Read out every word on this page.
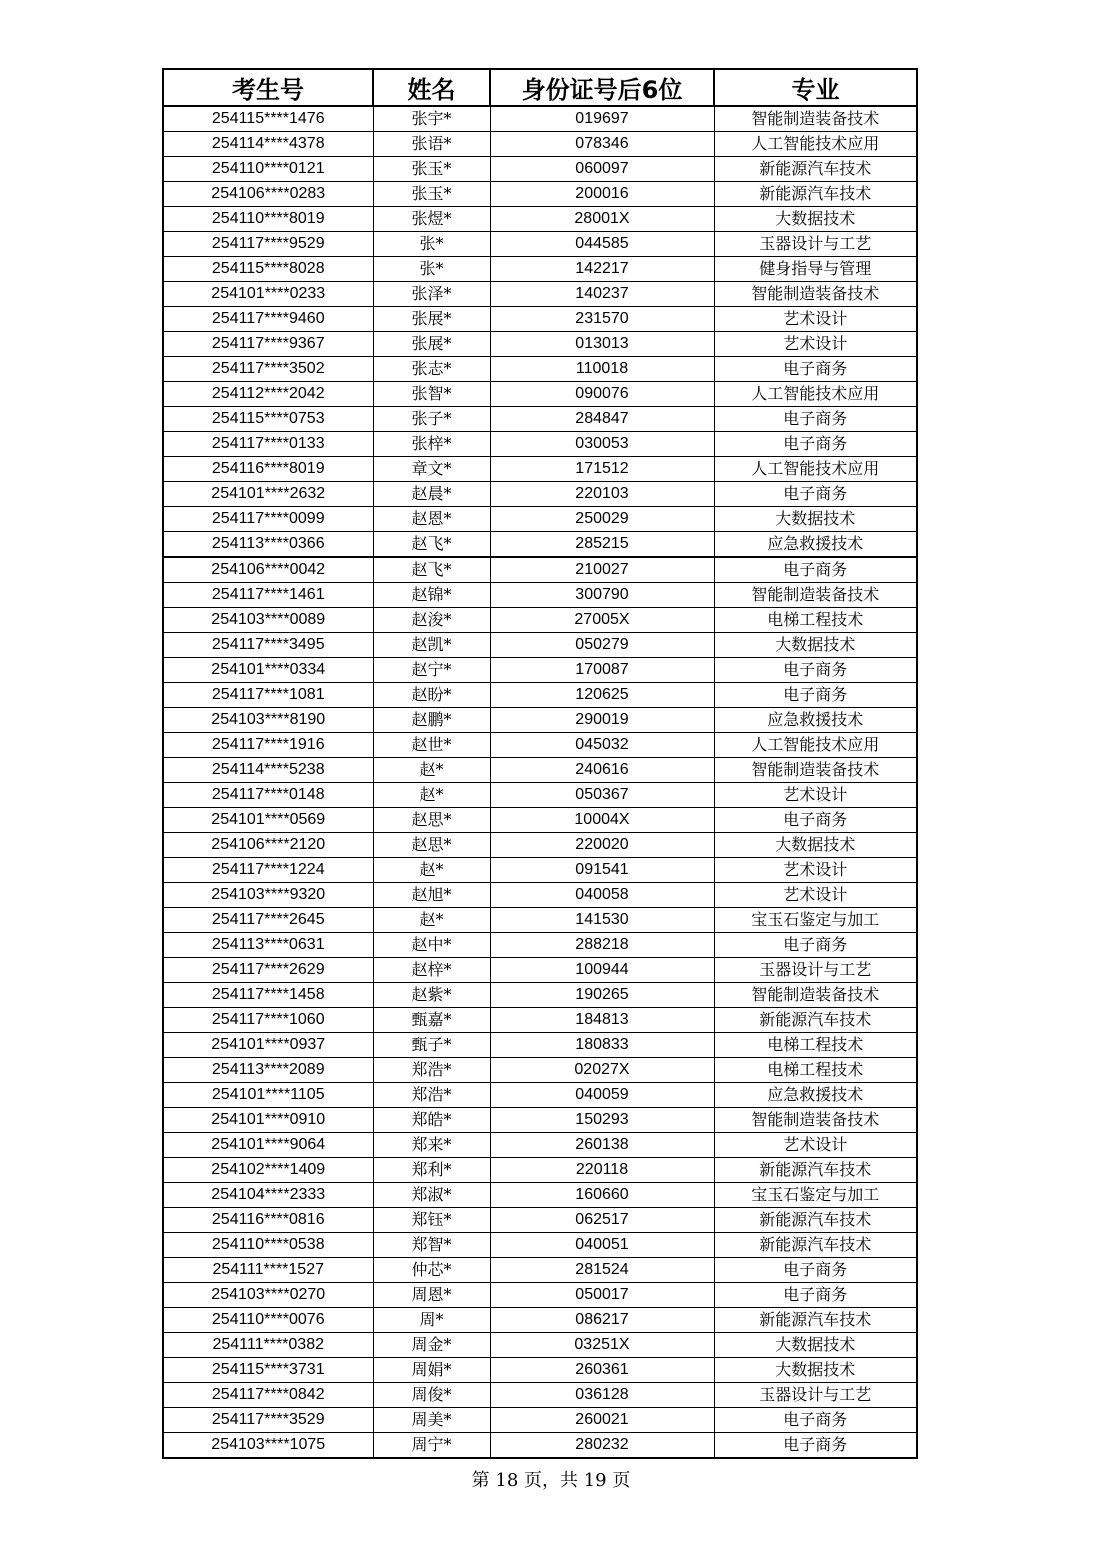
考生号	姓名	身份证号后6位	专业
254115****1476	张宇*	019697	智能制造装备技术
254114****4378	张语*	078346	人工智能技术应用
254110****0121	张玉*	060097	新能源汽车技术
254106****0283	张玉*	200016	新能源汽车技术
254110****8019	张煜*	28001X	大数据技术
254117****9529	张*	044585	玉器设计与工艺
254115****8028	张*	142217	健身指导与管理
254101****0233	张泽*	140237	智能制造装备技术
254117****9460	张展*	231570	艺术设计
254117****9367	张展*	013013	艺术设计
254117****3502	张志*	110018	电子商务
254112****2042	张智*	090076	人工智能技术应用
254115****0753	张子*	284847	电子商务
254117****0133	张梓*	030053	电子商务
254116****8019	章文*	171512	人工智能技术应用
254101****2632	赵晨*	220103	电子商务
254117****0099	赵恩*	250029	大数据技术
254113****0366	赵飞*	285215	应急救援技术
254106****0042	赵飞*	210027	电子商务
254117****1461	赵锦*	300790	智能制造装备技术
254103****0089	赵浚*	27005X	电梯工程技术
254117****3495	赵凯*	050279	大数据技术
254101****0334	赵宁*	170087	电子商务
254117****1081	赵盼*	120625	电子商务
254103****8190	赵鹏*	290019	应急救援技术
254117****1916	赵世*	045032	人工智能技术应用
254114****5238	赵*	240616	智能制造装备技术
254117****0148	赵*	050367	艺术设计
254101****0569	赵思*	10004X	电子商务
254106****2120	赵思*	220020	大数据技术
254117****1224	赵*	091541	艺术设计
254103****9320	赵旭*	040058	艺术设计
254117****2645	赵*	141530	宝玉石鉴定与加工
254113****0631	赵中*	288218	电子商务
254117****2629	赵梓*	100944	玉器设计与工艺
254117****1458	赵紫*	190265	智能制造装备技术
254117****1060	甄嘉*	184813	新能源汽车技术
254101****0937	甄子*	180833	电梯工程技术
254113****2089	郑浩*	02027X	电梯工程技术
254101****1105	郑浩*	040059	应急救援技术
254101****0910	郑皓*	150293	智能制造装备技术
254101****9064	郑来*	260138	艺术设计
254102****1409	郑利*	220118	新能源汽车技术
254104****2333	郑淑*	160660	宝玉石鉴定与加工
254116****0816	郑钰*	062517	新能源汽车技术
254110****0538	郑智*	040051	新能源汽车技术
254111****1527	仲芯*	281524	电子商务
254103****0270	周恩*	050017	电子商务
254110****0076	周*	086217	新能源汽车技术
254111****0382	周金*	03251X	大数据技术
254115****3731	周娟*	260361	大数据技术
254117****0842	周俊*	036128	玉器设计与工艺
254117****3529	周美*	260021	电子商务
254103****1075	周宁*	280232	电子商务
第 18 页，共 19 页
